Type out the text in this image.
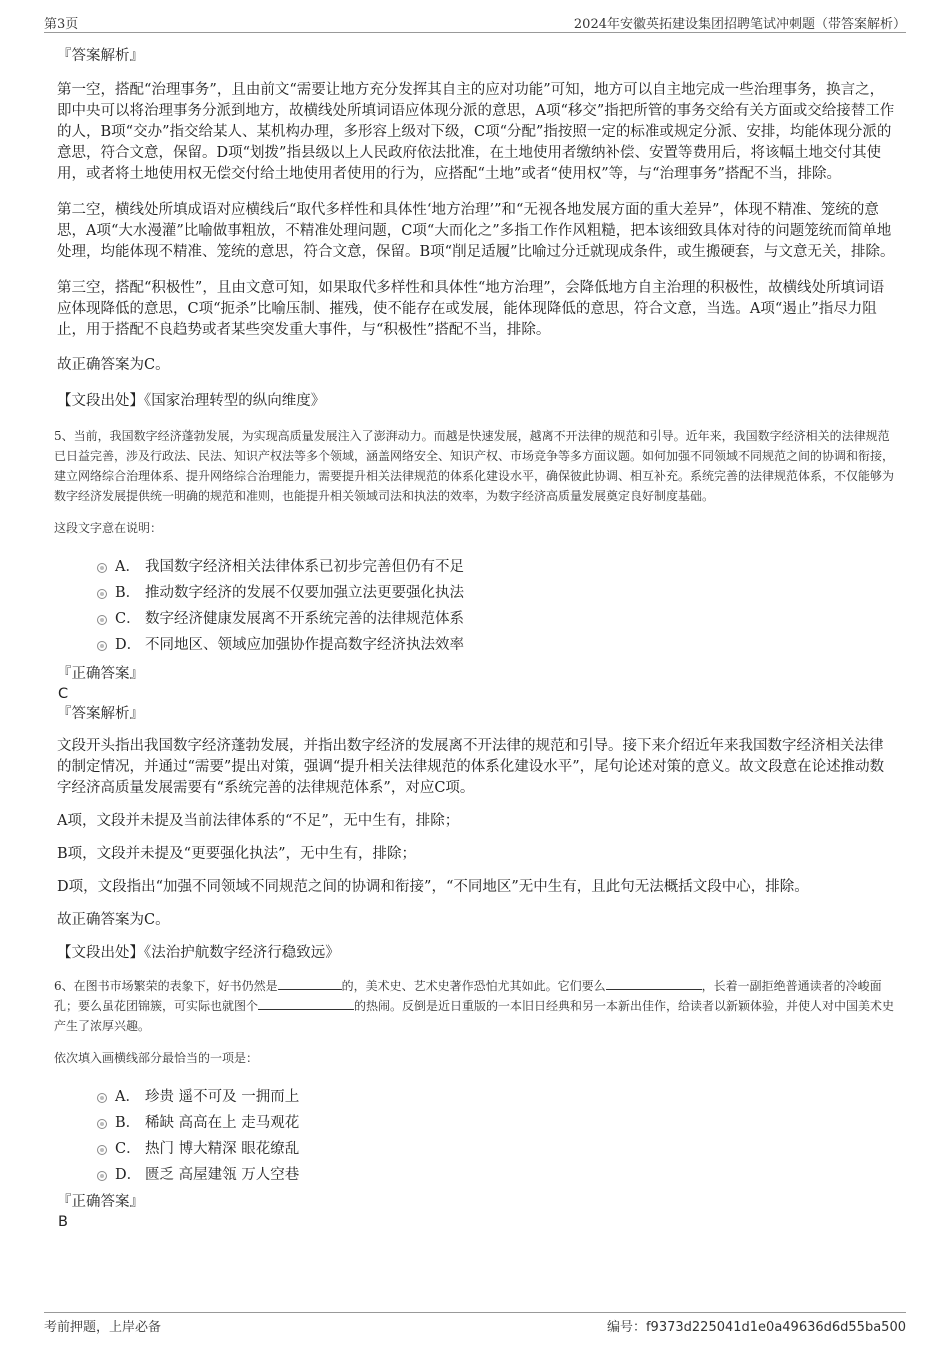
第3页	2024年安徽英拓建设集团招聘笔试冲刺题（带答案解析）

『答案解析』

第一空，搭配“治理事务”，且由前文“需要让地方充分发挥其自主的应对功能”可知，地方可以自主地完成一些治理事务，换言之，即中央可以将治理事务分派到地方，故横线处所填词语应体现分派的意思，A项“移交”指把所管的事务交给有关方面或交给接替工作的人，B项“交办”指交给某人、某机构办理，多形容上级对下级，C项“分配”指按照一定的标准或规定分派、安排，均能体现分派的意思，符合文意，保留。D项“划拨”指县级以上人民政府依法批准，在土地使用者缴纳补偿、安置等费用后，将该幅土地交付其使用，或者将土地使用权无偿交付给土地使用者使用的行为，应搭配“土地”或者“使用权”等，与“治理事务”搭配不当，排除。

第二空，横线处所填成语对应横线后“取代多样性和具体性‘地方治理’”和“无视各地发展方面的重大差异”，体现不精准、笼统的意思，A项“大水漫灌”比喻做事粗放，不精准处理问题，C项“大而化之”多指工作作风粗糙，把本该细致具体对待的问题笼统而简单地处理，均能体现不精准、笼统的意思，符合文意，保留。B项“削足适履”比喻过分迁就现成条件，或生搬硬套，与文意无关，排除。

第三空，搭配“积极性”，且由文意可知，如果取代多样性和具体性“地方治理”，会降低地方自主治理的积极性，故横线处所填词语应体现降低的意思，C项“扼杀”比喻压制、摧残，使不能存在或发展，能体现降低的意思，符合文意，当选。A项“遏止”指尽力阻止，用于搭配不良趋势或者某些突发重大事件，与“积极性”搭配不当，排除。

故正确答案为C。

【文段出处】《国家治理转型的纵向维度》

5、当前，我国数字经济蓬勃发展，为实现高质量发展注入了澎湃动力。而越是快速发展，越离不开法律的规范和引导。近年来，我国数字经济相关的法律规范已日益完善，涉及行政法、民法、知识产权法等多个领域，涵盖网络安全、知识产权、市场竞争等多方面议题。如何加强不同领域不同规范之间的协调和衔接，建立网络综合治理体系、提升网络综合治理能力，需要提升相关法律规范的体系化建设水平，确保彼此协调、相互补充。系统完善的法律规范体系，不仅能够为数字经济发展提供统一明确的规范和准则，也能提升相关领域司法和执法的效率，为数字经济高质量发展奠定良好制度基础。

这段文字意在说明：

A． 我国数字经济相关法律体系已初步完善但仍有不足
B． 推动数字经济的发展不仅要加强立法更要强化执法
C． 数字经济健康发展离不开系统完善的法律规范体系
D． 不同地区、领域应加强协作提高数字经济执法效率

『正确答案』

C

『答案解析』

文段开头指出我国数字经济蓬勃发展，并指出数字经济的发展离不开法律的规范和引导。接下来介绍近年来我国数字经济相关法律的制定情况，并通过“需要”提出对策，强调“提升相关法律规范的体系化建设水平”，尾句论述对策的意义。故文段意在论述推动数字经济高质量发展需要有“系统完善的法律规范体系”，对应C项。

A项，文段并未提及当前法律体系的“不足”，无中生有，排除；

B项，文段并未提及“更要强化执法”，无中生有，排除；

D项，文段指出“加强不同领域不同规范之间的协调和衔接”，“不同地区”无中生有，且此句无法概括文段中心，排除。

故正确答案为C。

【文段出处】《法治护航数字经济行稳致远》

6、在图书市场繁荣的表象下，好书仍然是	的，美术史、艺术史著作恐怕尤其如此。它们要么	，长着一副拒绝普通读者的冷峻面孔；要么虽花团锦簇，可实际也就图个	的热闹。反倒是近日重版的一本旧日经典和另一本新出佳作，给读者以新颖体验，并使人对中国美术史产生了浓厚兴趣。

依次填入画横线部分最恰当的一项是：

A． 珍贵 遥不可及 一拥而上
B． 稀缺 高高在上 走马观花
C． 热门 博大精深 眼花缭乱
D． 匮乏 高屋建瓴 万人空巷

『正确答案』

B

考前押题，上岸必备	编号：f9373d225041d1e0a49636d6d55ba500
